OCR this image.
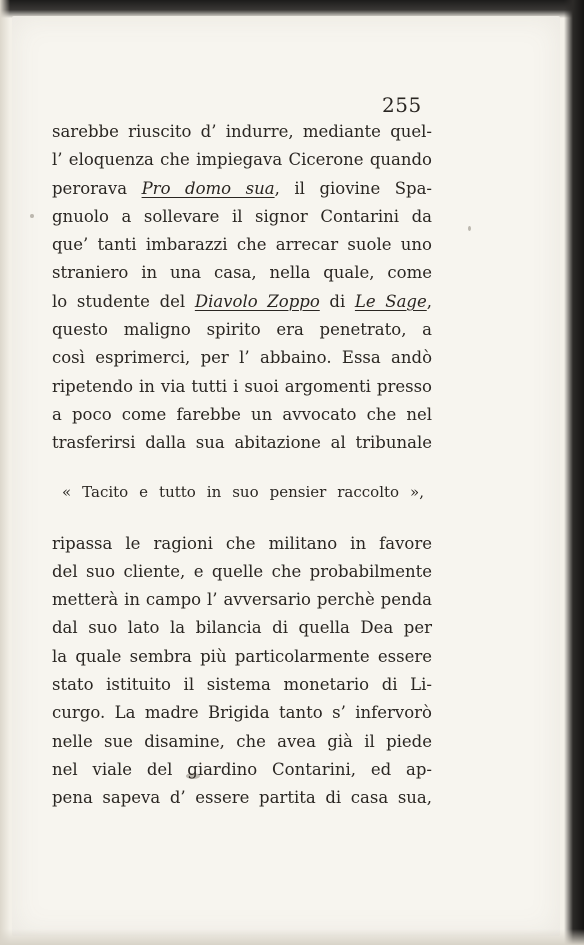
255
sarebbe riuscito d’ indurre, mediante quel-
l’ eloquenza che impiegava Cicerone quando
perorava Pro domo sua, il giovine Spa-
gnuolo a sollevare il signor Contarini da
que’ tanti imbarazzi che arrecar suole uno
straniero in una casa, nella quale, come
lo studente del Diavolo Zoppo di Le Sage,
questo maligno spirito era penetrato, a
così esprimerci, per l’ abbaino. Essa andò
ripetendo in via tutti i suoi argomenti presso
a poco come farebbe un avvocato che nel
trasferirsi dalla sua abitazione al tribunale
« Tacito e tutto in suo pensier raccolto »,
ripassa le ragioni che militano in favore
del suo cliente, e quelle che probabilmente
metterà in campo l’ avversario perchè penda
dal suo lato la bilancia di quella Dea per
la quale sembra più particolarmente essere
stato istituito il sistema monetario di Li-
curgo. La madre Brigida tanto s’ infervorò
nelle sue disamine, che avea già il piede
nel viale del giardino Contarini, ed ap-
pena sapeva d’ essere partita di casa sua,
